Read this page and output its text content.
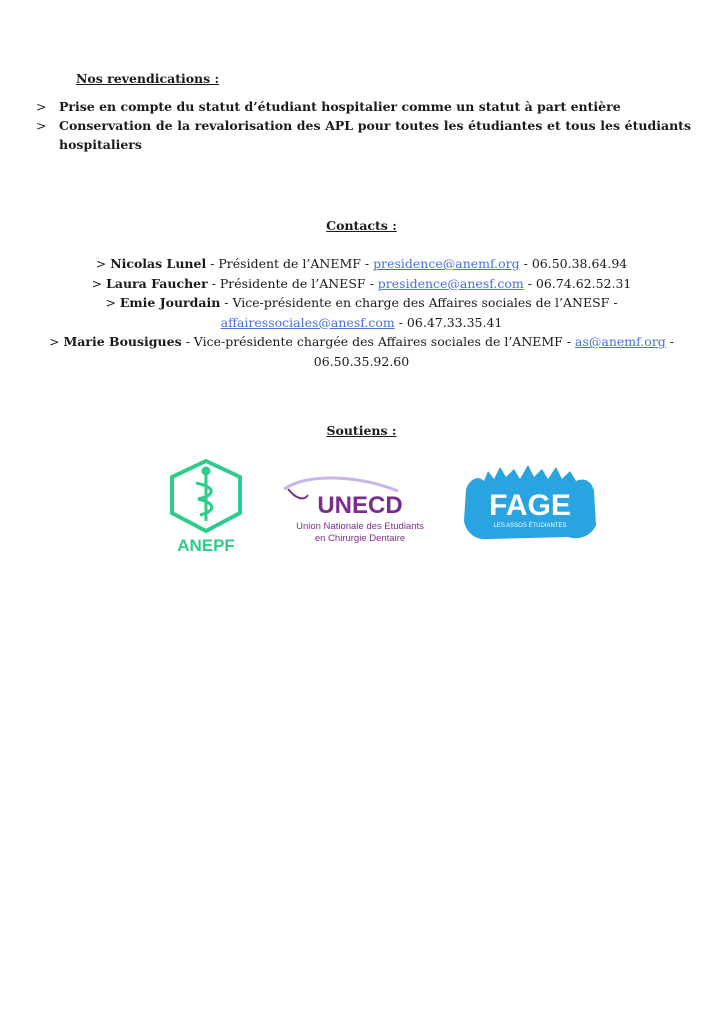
Nos revendications :
> Prise en compte du statut d’étudiant hospitalier comme un statut à part entière
> Conservation de la revalorisation des APL pour toutes les étudiantes et tous les étudiants hospitaliers
Contacts :
> Nicolas Lunel - Président de l’ANEMF - presidence@anemf.org - 06.50.38.64.94
> Laura Faucher - Présidente de l’ANESF - presidence@anesf.com - 06.74.62.52.31
> Emie Jourdain - Vice-présidente en charge des Affaires sociales de l’ANESF - affairessociales@anesf.com - 06.47.33.35.41
> Marie Bousigues - Vice-présidente chargée des Affaires sociales de l’ANEMF - as@anemf.org - 06.50.35.92.60
Soutiens :
ANEPF
UNECD
Union Nationale des Etudiants
en Chirurgie Dentaire
FAGE
LES ASSOS ÉTUDIANTES
